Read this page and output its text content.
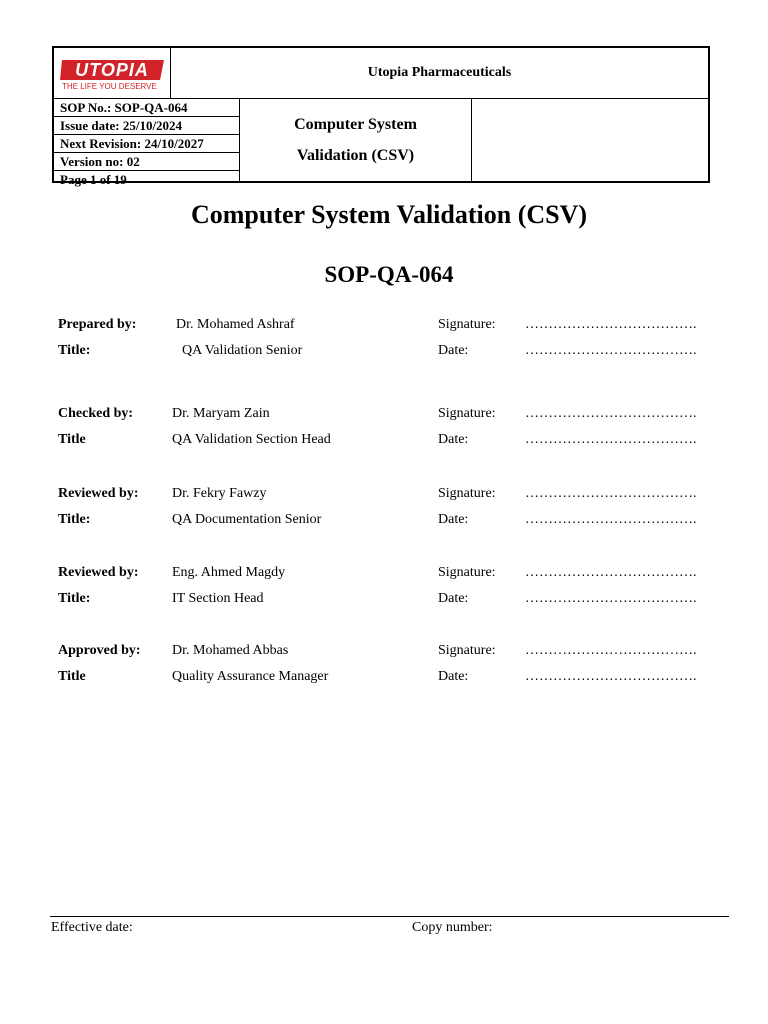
UTOPIA
THE LIFE YOU DESERVE
Utopia Pharmaceuticals
SOP No.: SOP-QA-064
Issue date: 25/10/2024
Next Revision: 24/10/2027
Version no: 02
Page 1 of 19
Computer System
Validation (CSV)
Computer System Validation (CSV)
SOP-QA-064
Prepared by:	Dr. Mohamed Ashraf	Signature: ……………………………….
Title:	QA Validation Senior	Date:	……………………………….
Checked by:	Dr. Maryam Zain	Signature: ……………………………….
Title	QA Validation Section Head	Date:	……………………………….
Reviewed by: Dr. Fekry Fawzy	Signature: ……………………………….
Title:	QA Documentation Senior	Date:	……………………………….
Reviewed by: Eng. Ahmed Magdy	Signature: ……………………………….
Title:	IT Section Head	Date:	……………………………….
Approved by: Dr. Mohamed Abbas	Signature: ……………………………….
Title	Quality Assurance Manager	Date:	……………………………….
Effective date:	Copy number:
